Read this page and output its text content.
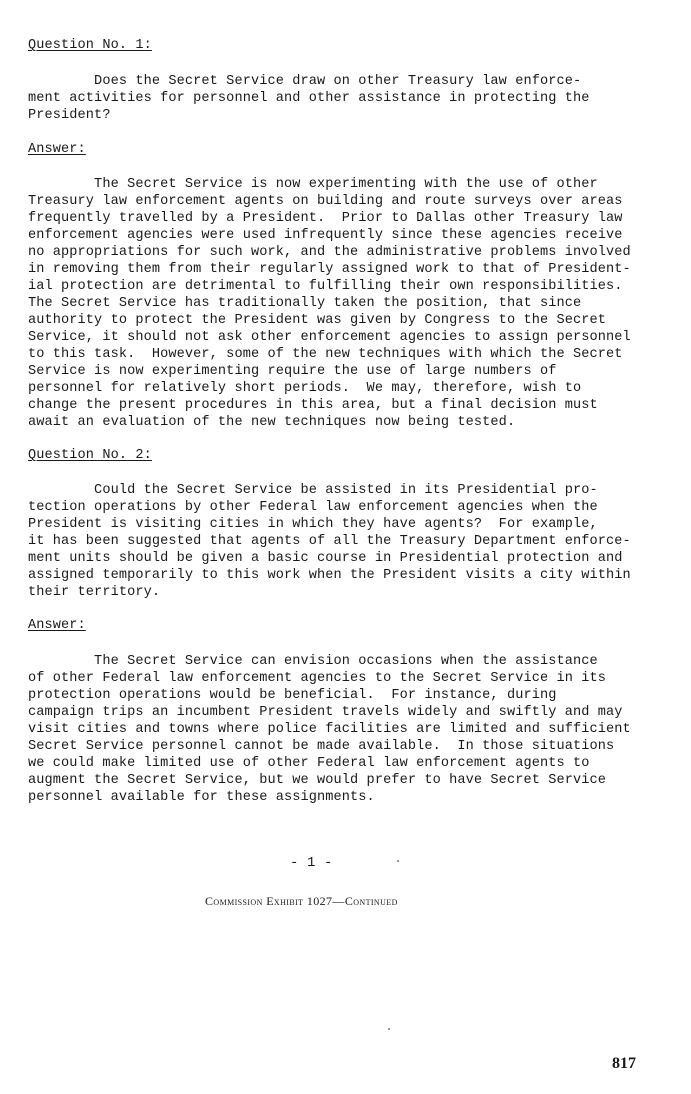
Question No. 1:
Does the Secret Service draw on other Treasury law enforce-
ment activities for personnel and other assistance in protecting the
President?
Answer:
The Secret Service is now experimenting with the use of other
Treasury law enforcement agents on building and route surveys over areas
frequently travelled by a President.  Prior to Dallas other Treasury law
enforcement agencies were used infrequently since these agencies receive
no appropriations for such work, and the administrative problems involved
in removing them from their regularly assigned work to that of President-
ial protection are detrimental to fulfilling their own responsibilities.
The Secret Service has traditionally taken the position, that since
authority to protect the President was given by Congress to the Secret
Service, it should not ask other enforcement agencies to assign personnel
to this task.  However, some of the new techniques with which the Secret
Service is now experimenting require the use of large numbers of
personnel for relatively short periods.  We may, therefore, wish to
change the present procedures in this area, but a final decision must
await an evaluation of the new techniques now being tested.
Question No. 2:
Could the Secret Service be assisted in its Presidential pro-
tection operations by other Federal law enforcement agencies when the
President is visiting cities in which they have agents?  For example,
it has been suggested that agents of all the Treasury Department enforce-
ment units should be given a basic course in Presidential protection and
assigned temporarily to this work when the President visits a city within
their territory.
Answer:
The Secret Service can envision occasions when the assistance
of other Federal law enforcement agencies to the Secret Service in its
protection operations would be beneficial.  For instance, during
campaign trips an incumbent President travels widely and swiftly and may
visit cities and towns where police facilities are limited and sufficient
Secret Service personnel cannot be made available.  In those situations
we could make limited use of other Federal law enforcement agents to
augment the Secret Service, but we would prefer to have Secret Service
personnel available for these assignments.
- 1 -
Commission Exhibit 1027—Continued
817
